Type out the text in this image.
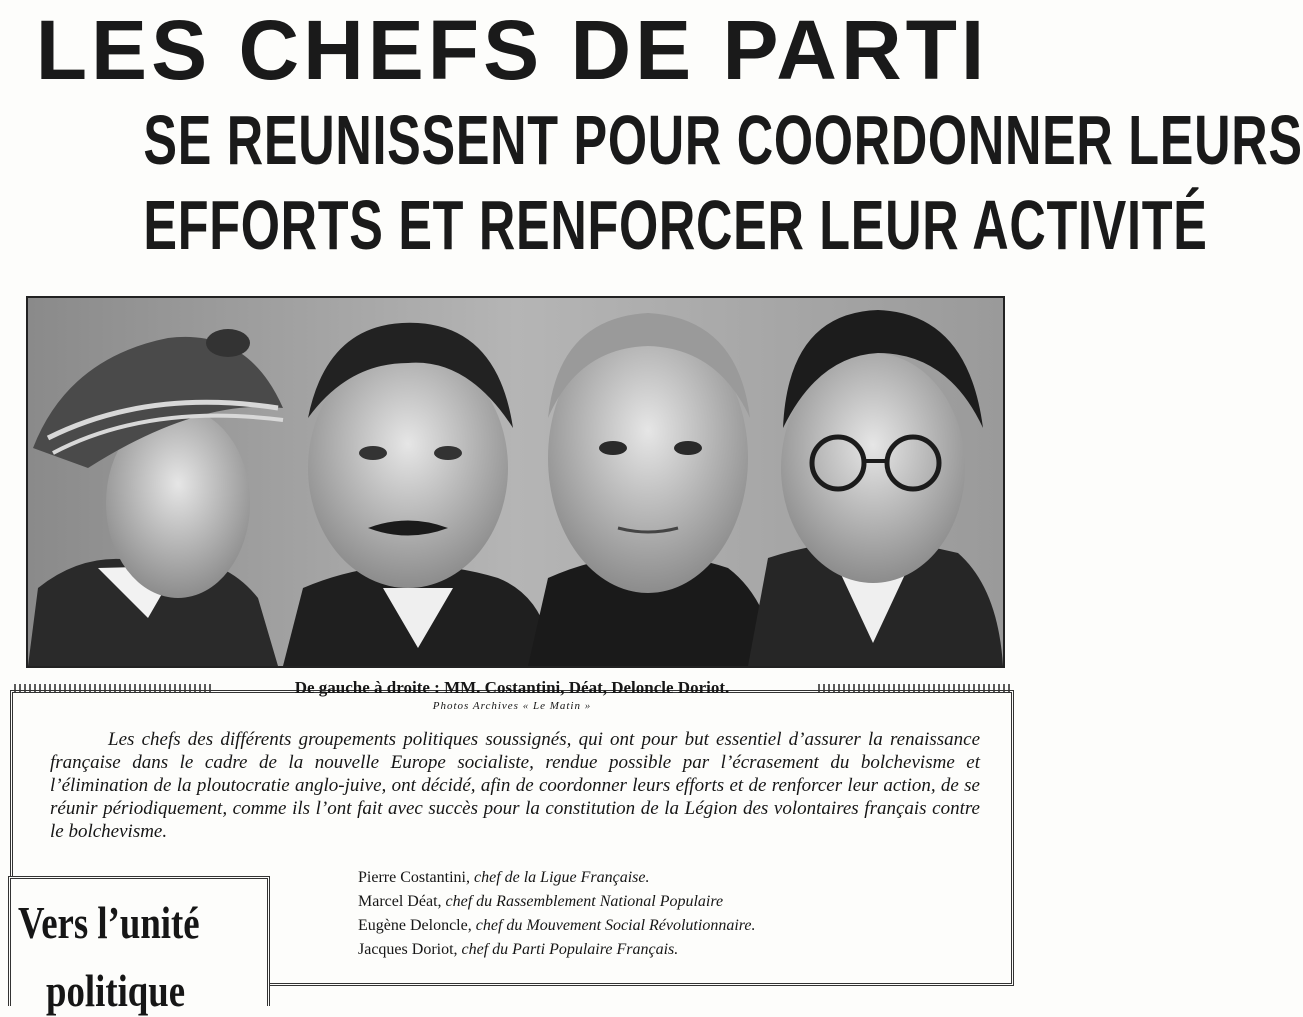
LES CHEFS DE PARTI
SE REUNISSENT POUR COORDONNER LEURS
EFFORTS ET RENFORCER LEUR ACTIVITÉ
De gauche à droite : MM. Costantini, Déat, Deloncle Doriot.
Photos Archives « Le Matin »
Les chefs des différents groupements politiques soussignés, qui ont pour but essentiel d’assurer la renaissance française dans le cadre de la nouvelle Europe socialiste, rendue possible par l’écrasement du bolchevisme et l’élimination de la ploutocratie anglo-juive, ont décidé, afin de coordonner leurs efforts et de renforcer leur action, de se réunir périodiquement, comme ils l’ont fait avec succès pour la constitution de la Légion des volontaires français contre le bolchevisme.
Pierre Costantini, chef de la Ligue Française.
Marcel Déat, chef du Rassemblement National Populaire
Eugène Deloncle, chef du Mouvement Social Révolutionnaire.
Jacques Doriot, chef du Parti Populaire Français.
Vers l’unité
politique
